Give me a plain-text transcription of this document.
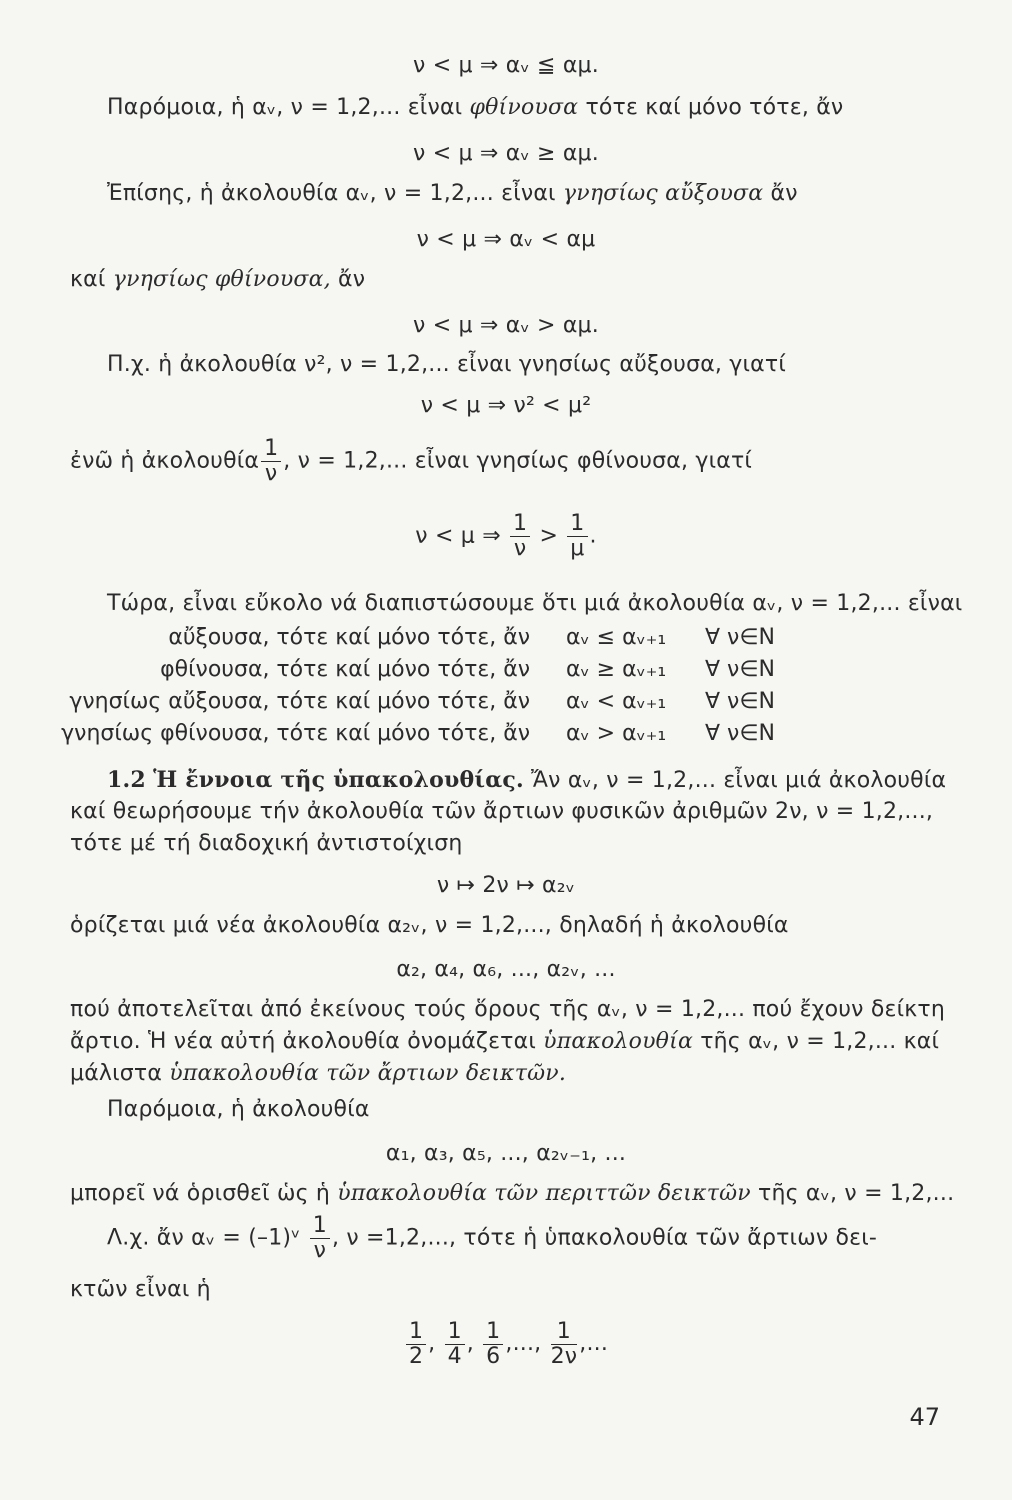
ν < μ ⇒ αᵥ ≦ αμ.
Παρόμοια, ἡ αᵥ, ν = 1,2,... εἶναι φθίνουσα τότε καί μόνο τότε, ἄν
ν < μ ⇒ αᵥ ≥ αμ.
Ἐπίσης, ἡ ἀκολουθία αᵥ, ν = 1,2,... εἶναι γνησίως αὔξουσα ἄν
ν < μ ⇒ αᵥ < αμ
καί γνησίως φθίνουσα, ἄν
ν < μ ⇒ αᵥ > αμ.
Π.χ. ἡ ἀκολουθία ν², ν = 1,2,... εἶναι γνησίως αὔξουσα, γιατί
ν < μ ⇒ ν² < μ²
ἐνῶ ἡ ἀκολουθία $\frac{1}{\nu}$ , ν = 1,2,... εἶναι γνησίως φθίνουσα, γιατί
ν < μ ⇒ $\frac{1}{\nu} > \frac{1}{\mu}$ .
Τώρα, εἶναι εὔκολο νά διαπιστώσουμε ὅτι μιά ἀκολουθία αᵥ, ν = 1,2,... εἶναι
αὔξουσα, τότε καί μόνο τότε, ἄν αᵥ ≤ αᵥ₊₁ ∀ ν∈N
φθίνουσα, τότε καί μόνο τότε, ἄν αᵥ ≥ αᵥ₊₁ ∀ ν∈N
γνησίως αὔξουσα, τότε καί μόνο τότε, ἄν αᵥ < αᵥ₊₁ ∀ ν∈N
γνησίως φθίνουσα, τότε καί μόνο τότε, ἄν αᵥ > αᵥ₊₁ ∀ ν∈N
1.2 Ἡ ἔννοια τῆς ὑπακολουθίας. Ἄν αᵥ, ν = 1,2,... εἶναι μιά ἀκολουθία
καί θεωρήσουμε τήν ἀκολουθία τῶν ἄρτιων φυσικῶν ἀριθμῶν 2ν, ν = 1,2,...,
τότε μέ τή διαδοχική ἀντιστοίχιση
ν ↦ 2ν ↦ α₂ᵥ
ὁρίζεται μιά νέα ἀκολουθία α₂ᵥ, ν = 1,2,..., δηλαδή ἡ ἀκολουθία
α₂, α₄, α₆, ..., α₂ᵥ, ...
πού ἀποτελεῖται ἀπό ἐκείνους τούς ὅρους τῆς αᵥ, ν = 1,2,... πού ἔχουν δείκτη
ἄρτιο. Ἡ νέα αὐτή ἀκολουθία ὀνομάζεται ὑπακολουθία τῆς αᵥ, ν = 1,2,... καί
μάλιστα ὑπακολουθία τῶν ἄρτιων δεικτῶν.
Παρόμοια, ἡ ἀκολουθία
α₁, α₃, α₅, ..., α₂ᵥ₋₁, ...
μπορεῖ νά ὁρισθεῖ ὡς ἡ ὑπακολουθία τῶν περιττῶν δεικτῶν τῆς αᵥ, ν = 1,2,...
Λ.χ. ἄν αᵥ = (–1)ᵛ $\frac{1}{\nu}$ , ν =1,2,..., τότε ἡ ὑπακολουθία τῶν ἄρτιων δει-
κτῶν εἶναι ἡ
$\frac{1}{2}$ , $\frac{1}{4}$ , $\frac{1}{6}$ ,..., $\frac{1}{2\nu}$ ,...
47
